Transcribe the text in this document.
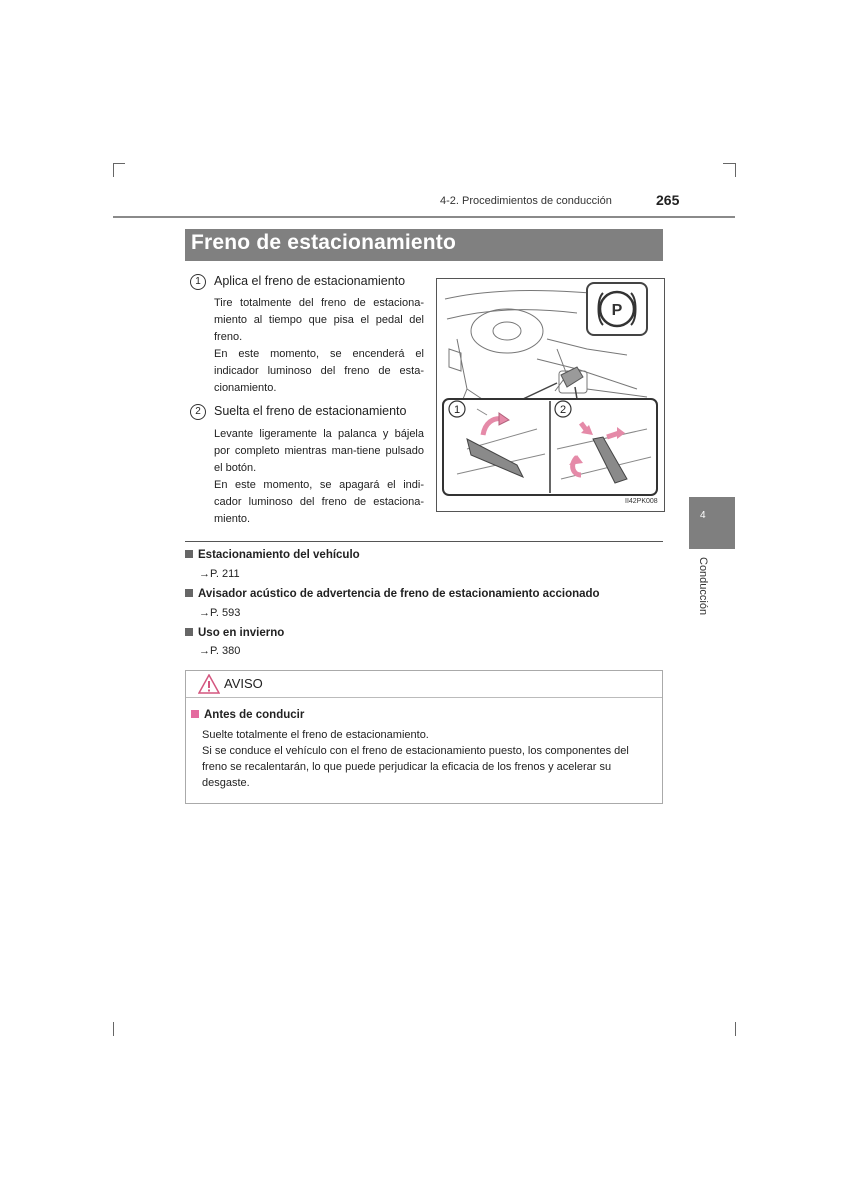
4-2. Procedimientos de conducción	265
Freno de estacionamiento
1 Aplica el freno de estacionamiento
Tire totalmente del freno de estaciona-miento al tiempo que pisa el pedal del freno.
En este momento, se encenderá el indicador luminoso del freno de esta-cionamiento.
2 Suelta el freno de estacionamiento
Levante ligeramente la palanca y bájela por completo mientras man-tiene pulsado el botón.
En este momento, se apagará el indi-cador luminoso del freno de estaciona-miento.
P
1	2
II42PK008
Estacionamiento del vehículo
→P. 211
Avisador acústico de advertencia de freno de estacionamiento accionado
→P. 593
Uso en invierno
→P. 380
AVISO
Antes de conducir
Suelte totalmente el freno de estacionamiento.
Si se conduce el vehículo con el freno de estacionamiento puesto, los componentes del freno se recalentarán, lo que puede perjudicar la eficacia de los frenos y acelerar su desgaste.
4
Conducción
